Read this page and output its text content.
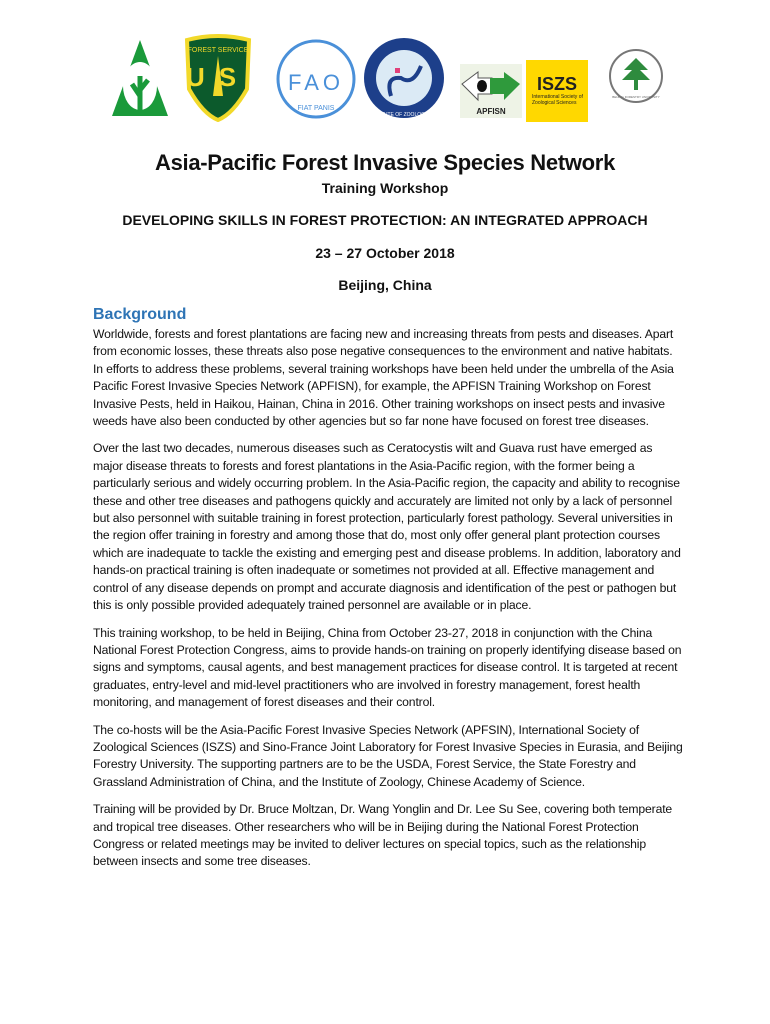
FOREST SERVICE
US FAO
FIAT PANIS
INSTITUTE OF ZOOLOGY CAS	APFISN
ISZS
International Society of Zoological Sciences
BEIJING FORESTRY UNIVERSITY
Asia-Pacific Forest Invasive Species Network
Training Workshop
DEVELOPING SKILLS IN FOREST PROTECTION: AN INTEGRATED APPROACH
23 – 27 October 2018
Beijing, China
Background

Worldwide, forests and forest plantations are facing new and increasing threats from pests and diseases. Apart from economic losses, these threats also pose negative consequences to the environment and native habitats. In efforts to address these problems, several training workshops have been held under the umbrella of the Asia Pacific Forest Invasive Species Network (APFISN), for example, the APFISN Training Workshop on Forest Invasive Pests, held in Haikou, Hainan, China in 2016. Other training workshops on insect pests and invasive weeds have also been conducted by other agencies but so far none have focused on forest tree diseases.

Over the last two decades, numerous diseases such as Ceratocystis wilt and Guava rust have emerged as major disease threats to forests and forest plantations in the Asia-Pacific region, with the former being a particularly serious and widely occurring problem. In the Asia-Pacific region, the capacity and ability to recognise these and other tree diseases and pathogens quickly and accurately are limited not only by a lack of personnel but also personnel with suitable training in forest protection, particularly forest pathology. Several universities in the region offer training in forestry and among those that do, most only offer general plant protection courses which are inadequate to tackle the existing and emerging pest and disease problems. In addition, laboratory and hands-on practical training is often inadequate or sometimes not provided at all. Effective management and control of any disease depends on prompt and accurate diagnosis and identification of the pest or pathogen but this is only possible provided adequately trained personnel are available or in place.

This training workshop, to be held in Beijing, China from October 23-27, 2018 in conjunction with the China National Forest Protection Congress, aims to provide hands-on training on properly identifying disease based on signs and symptoms, causal agents, and best management practices for disease control. It is targeted at recent graduates, entry-level and mid-level practitioners who are involved in forestry management, forest health monitoring, and management of forest diseases and their control.

The co-hosts will be the Asia-Pacific Forest Invasive Species Network (APFSIN), International Society of Zoological Sciences (ISZS) and Sino-France Joint Laboratory for Forest Invasive Species in Eurasia, and Beijing Forestry University. The supporting partners are to be the USDA, Forest Service, the State Forestry and Grassland Administration of China, and the Institute of Zoology, Chinese Academy of Science.

Training will be provided by Dr. Bruce Moltzan, Dr. Wang Yonglin and Dr. Lee Su See, covering both temperate and tropical tree diseases. Other researchers who will be in Beijing during the National Forest Protection Congress or related meetings may be invited to deliver lectures on special topics, such as the relationship between insects and some tree diseases.
